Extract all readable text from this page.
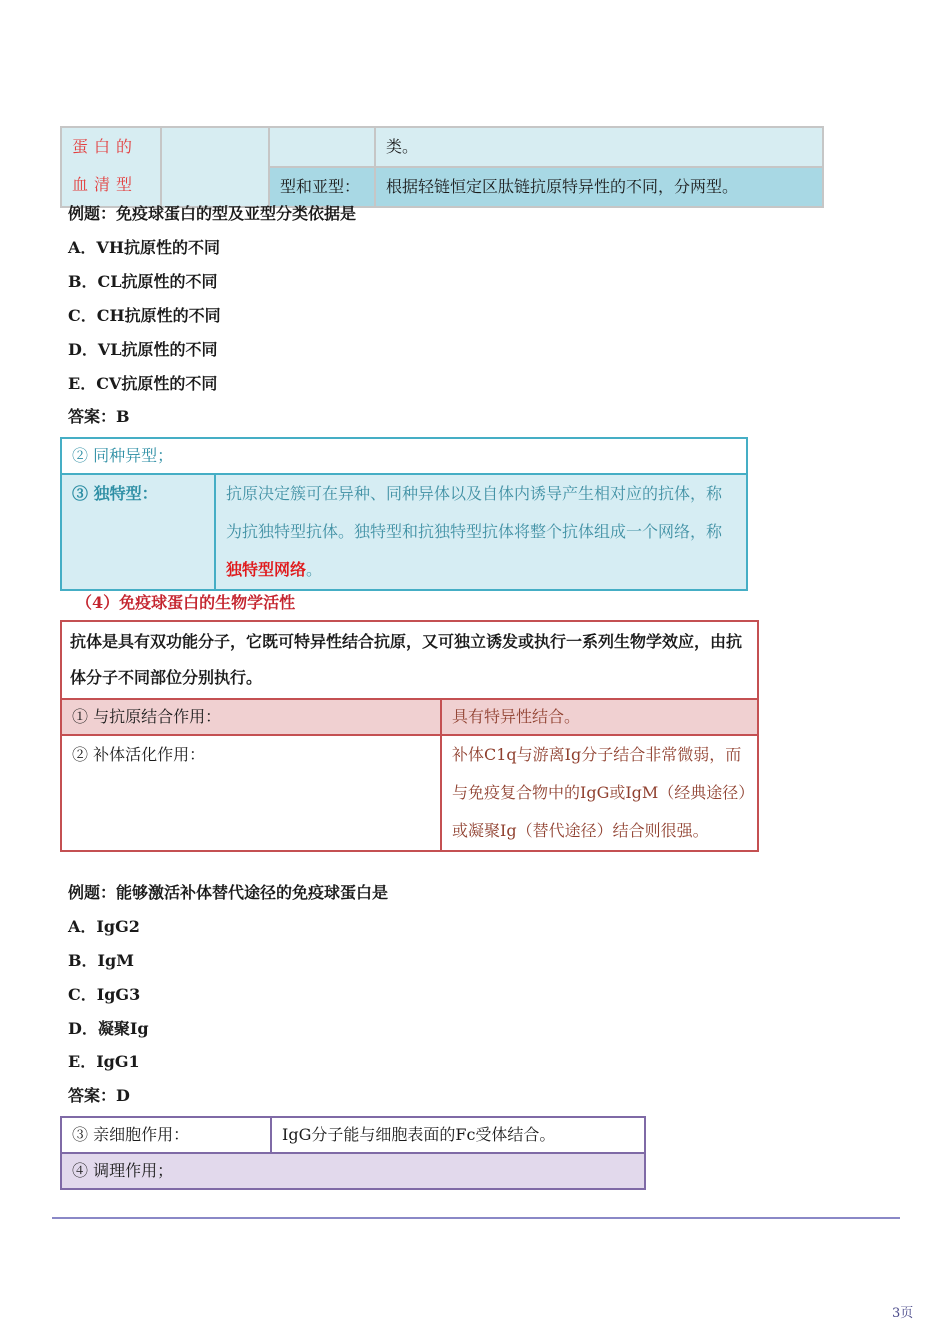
蛋白的血清型			类。
		型和亚型：	根据轻链恒定区肽链抗原特异性的不同，分两型。
例题：免疫球蛋白的型及亚型分类依据是
A．VH抗原性的不同
B．CL抗原性的不同
C．CH抗原性的不同
D．VL抗原性的不同
E．CV抗原性的不同
答案：B
② 同种异型；
③ 独特型：	抗原决定簇可在异种、同种异体以及自体内诱导产生相对应的抗体，称为抗独特型抗体。独特型和抗独特型抗体将整个抗体组成一个网络，称独特型网络。
（4）免疫球蛋白的生物学活性
抗体是具有双功能分子，它既可特异性结合抗原，又可独立诱发或执行一系列生物学效应，由抗体分子不同部位分别执行。	
① 与抗原结合作用：	具有特异性结合。
② 补体活化作用：	补体C1q与游离Ig分子结合非常微弱，而与免疫复合物中的IgG或IgM（经典途径）或凝聚Ig（替代途径）结合则很强。
例题：能够激活补体替代途径的免疫球蛋白是
A．IgG2
B．IgM
C．IgG3
D．凝聚Ig
E．IgG1
答案：D
③ 亲细胞作用：	IgG分子能与细胞表面的Fc受体结合。
④ 调理作用；
3页
